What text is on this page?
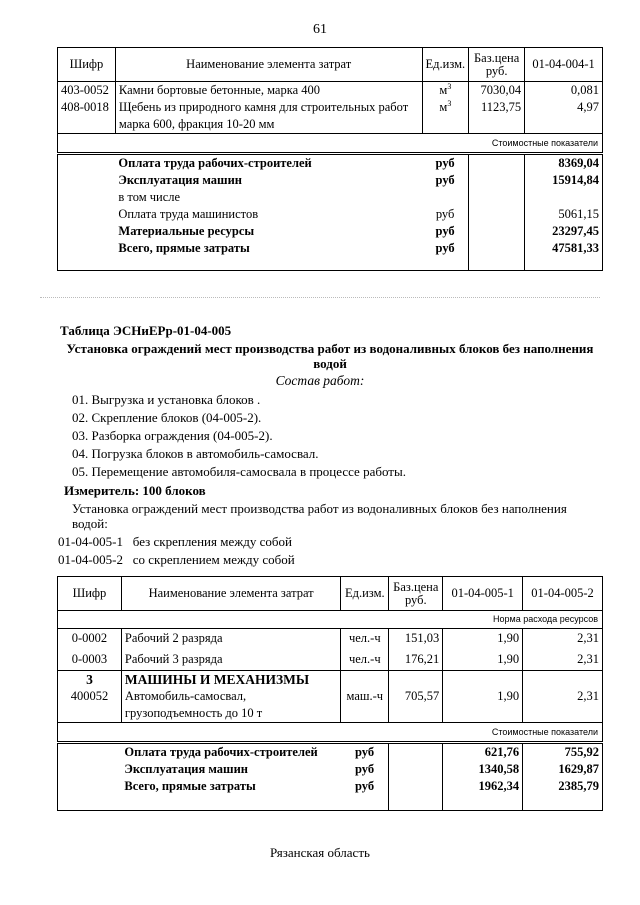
61
Шифр	Наименование элемента затрат	Ед.изм.	Баз.цена руб.	01-04-004-1
403-0052	Камни бортовые бетонные, марка 400	$м^3$	7030,04	0,081
408-0018	Щебень из природного камня для строительных работ марка 600, фракция 10-20 мм	$м^3$	1123,75	4,97
Стоимостные показатели				
	Оплата труда рабочих-строителей	руб		8369,04
	Эксплуатация машин	руб		15914,84
	в том числе			
	Оплата труда машинистов	руб		5061,15
	Материальные ресурсы	руб		23297,45
	Всего, прямые затраты	руб		47581,33
Таблица ЭСНиЕРр-01-04-005
Установка ограждений мест производства работ из водоналивных блоков без наполнения водой
Состав работ:
01. Выгрузка и установка блоков .
02. Скрепление блоков (04-005-2).
03. Разборка ограждения (04-005-2).
04. Погрузка блоков в автомобиль-самосвал.
05. Перемещение автомобиля-самосвала в процессе работы.
Измеритель: 100 блоков
Установка ограждений мест производства работ из водоналивных блоков без наполнения
водой:
01-04-005-1 без скрепления между собой
01-04-005-2 со скреплением между собой
Шифр	Наименование элемента затрат	Ед.изм.	Баз.цена руб.	01-04-005-1	01-04-005-2
Норма расхода ресурсов					
0-0002	Рабочий 2 разряда	чел.-ч	151,03	1,90	2,31
0-0003	Рабочий 3 разряда	чел.-ч	176,21	1,90	2,31
3	МАШИНЫ И МЕХАНИЗМЫ				
400052	Автомобиль-самосвал,
грузоподъемность до 10 т	маш.-ч	705,57	1,90	2,31
Стоимостные показатели					
	Оплата труда рабочих-строителей	руб		621,76	755,92
	Эксплуатация машин	руб		1340,58	1629,87
	Всего, прямые затраты	руб		1962,34	2385,79
Рязанская область
